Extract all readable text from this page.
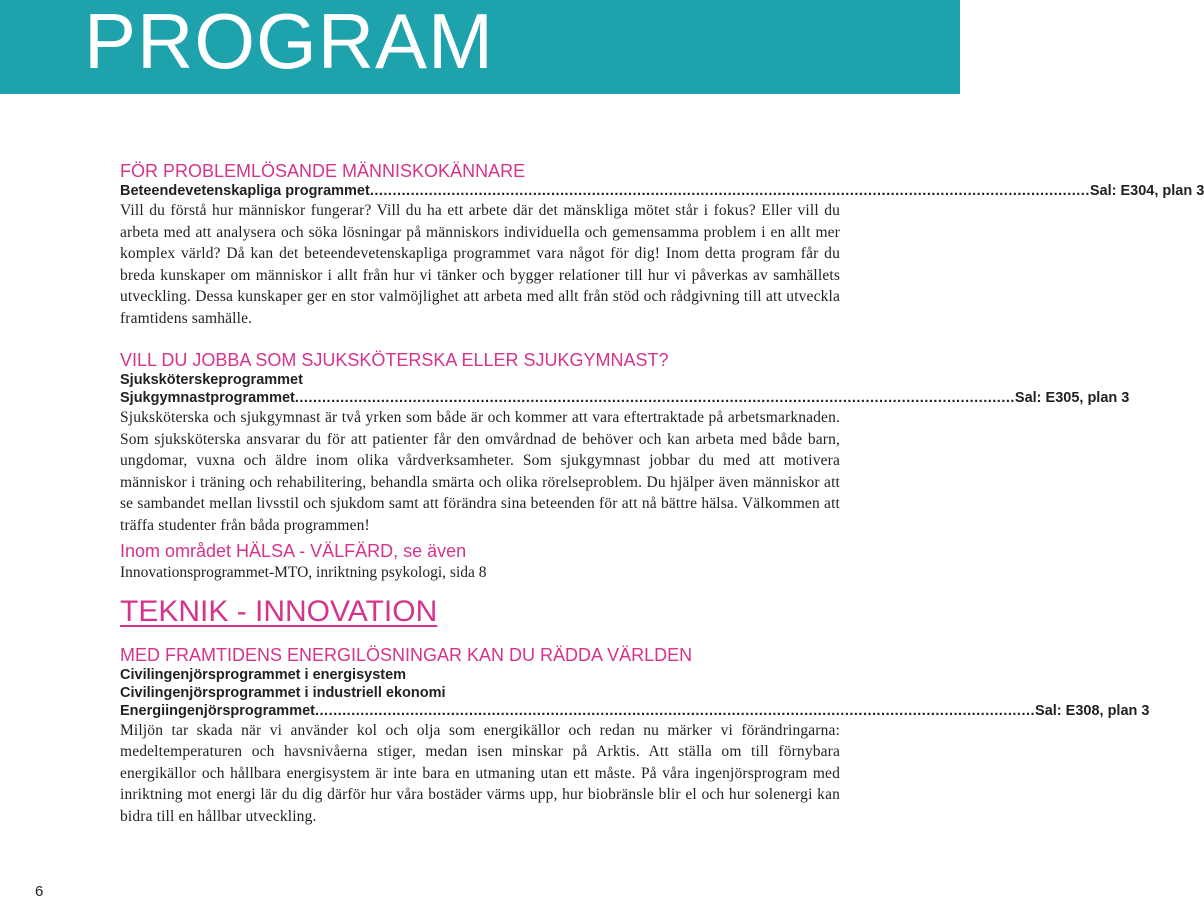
PROGRAM
FÖR PROBLEMLÖSANDE MÄNNISKOKÄNNARE
Beteendevetenskapliga programmet ............................................................................................................................................................... Sal: E304, plan 3

Vill du förstå hur människor fungerar? Vill du ha ett arbete där det mänskliga mötet står i fokus? Eller vill du arbeta med att analysera och söka lösningar på människors individuella och gemensamma problem i en allt mer komplex värld? Då kan det beteendevetenskapliga programmet vara något för dig! Inom detta program får du breda kunskaper om människor i allt från hur vi tänker och bygger relationer till hur vi påverkas av samhällets utveckling. Dessa kunskaper ger en stor valmöjlighet att arbeta med allt från stöd och rådgivning till att utveckla framtidens samhälle.

VILL DU JOBBA SOM SJUKSKÖTERSKA ELLER SJUKGYMNAST?
Sjuksköterskeprogrammet
Sjukgymnastprogrammet ............................................................................................................................................................... Sal: E305, plan 3

Sjuksköterska och sjukgymnast är två yrken som både är och kommer att vara eftertraktade på arbetsmarknaden. Som sjuksköterska ansvarar du för att patienter får den omvårdnad de behöver och kan arbeta med både barn, ungdomar, vuxna och äldre inom olika vårdverksamheter. Som sjukgymnast jobbar du med att motivera människor i träning och rehabilitering, behandla smärta och olika rörelseproblem. Du hjälper även människor att se sambandet mellan livsstil och sjukdom samt att förändra sina beteenden för att nå bättre hälsa. Välkommen att träffa studenter från båda programmen!

Inom området HÄLSA - VÄLFÄRD, se även

Innovationsprogrammet-MTO, inriktning psykologi, sida 8

TEKNIK - INNOVATION
MED FRAMTIDENS ENERGILÖSNINGAR KAN DU RÄDDA VÄRLDEN
Civilingenjörsprogrammet i energisystem
Civilingenjörsprogrammet i industriell ekonomi
Energiingenjörsprogrammet ............................................................................................................................................................... Sal: E308, plan 3

Miljön tar skada när vi använder kol och olja som energikällor och redan nu märker vi förändringarna: medeltemperaturen och havsnivåerna stiger, medan isen minskar på Arktis. Att ställa om till förnybara energikällor och hållbara energisystem är inte bara en utmaning utan ett måste. På våra ingenjörsprogram med inriktning mot energi lär du dig därför hur våra bostäder värms upp, hur biobränsle blir el och hur solenergi kan bidra till en hållbar utveckling.

6
